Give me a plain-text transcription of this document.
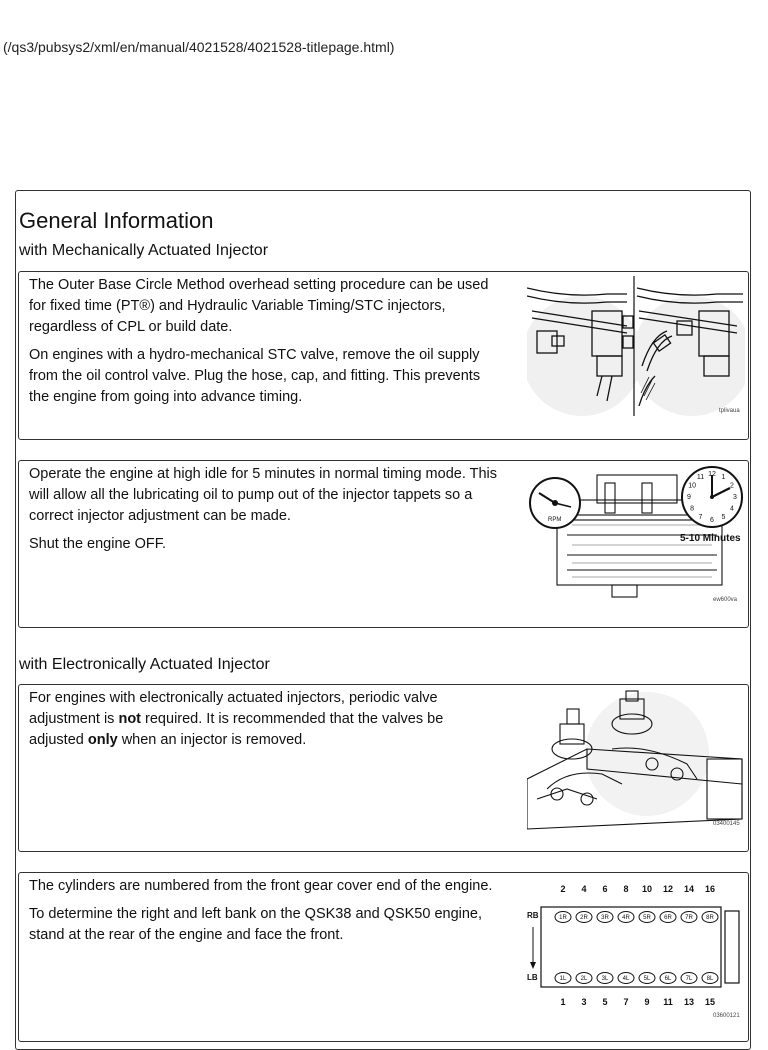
(/qs3/pubsys2/xml/en/manual/4021528/4021528-titlepage.html)
General Information
with Mechanically Actuated Injector

The Outer Base Circle Method overhead setting procedure can be used for fixed time (PT®) and Hydraulic Variable Timing/STC injectors, regardless of CPL or build date.

On engines with a hydro-mechanical STC valve, remove the oil supply from the oil control valve. Plug the hose, cap, and fitting. This prevents the engine from going into advance timing.

tplivaua

Operate the engine at high idle for 5 minutes in normal timing mode. This will allow all the lubricating oil to pump out of the injector tappets so a correct injector adjustment can be made.

Shut the engine OFF.

RPM
12 1
2
3
4
5
6
7
8
9
10
11
5-10 Minutes
ew600va
with Electronically Actuated Injector

For engines with electronically actuated injectors, periodic valve adjustment is not required. It is recommended that the valves be adjusted only when an injector is removed.

03400145

The cylinders are numbered from the front gear cover end of the engine.

To determine the right and left bank on the QSK38 and QSK50 engine, stand at the rear of the engine and face the front.

2 4 6 8 10 12 14 16
1 3 5 7 9 11 13 15
1R 2R 3R 4R 5R 6R 7R 8R
1L 2L 3L 4L 5L 6L 7L 8L
RB
LB
03600121
